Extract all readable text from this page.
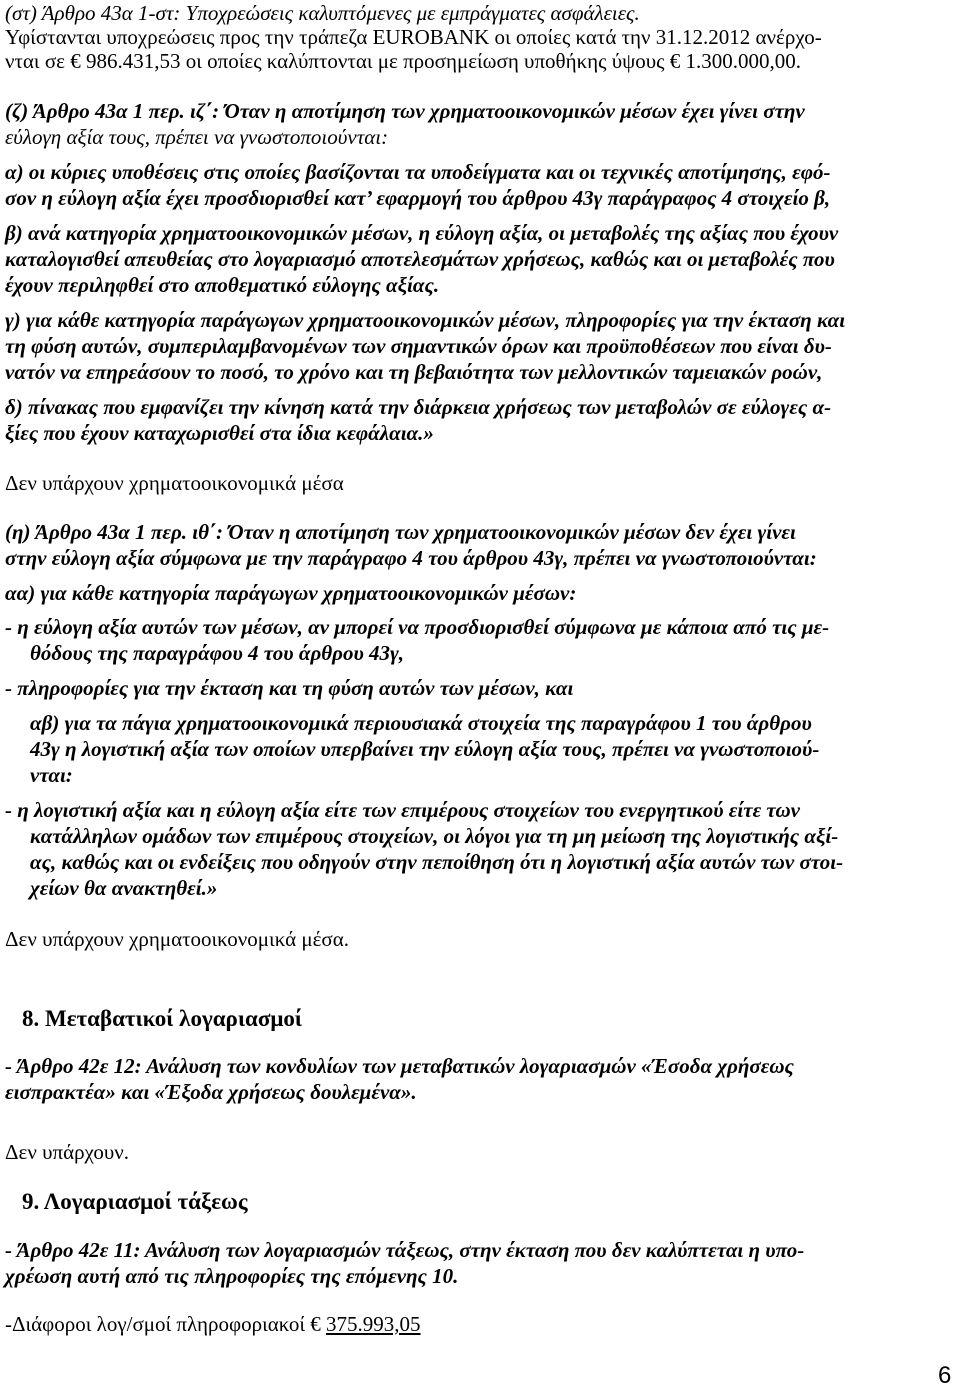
(στ) Άρθρο 43α 1-στ: Υποχρεώσεις καλυπτόμενες με εμπράγματες ασφάλειες.
Υφίστανται υποχρεώσεις προς την τράπεζα EUROBANK οι οποίες κατά την 31.12.2012 ανέρχο-
νται σε € 986.431,53 οι οποίες καλύπτονται με προσημείωση υποθήκης ύψους € 1.300.000,00.
(ζ) Άρθρο 43α 1 περ. ιζ΄: Όταν η αποτίμηση των χρηματοοικονομικών μέσων έχει γίνει στην
εύλογη αξία τους, πρέπει να γνωστοποιούνται:
α) οι κύριες υποθέσεις στις οποίες βασίζονται τα υποδείγματα και οι τεχνικές αποτίμησης, εφό-
σον η εύλογη αξία έχει προσδιορισθεί κατ’ εφαρμογή του άρθρου 43γ παράγραφος 4 στοιχείο β,
β) ανά κατηγορία χρηματοοικονομικών μέσων, η εύλογη αξία, οι μεταβολές της αξίας που έχουν
καταλογισθεί απευθείας στο λογαριασμό αποτελεσμάτων χρήσεως, καθώς και οι μεταβολές που
έχουν περιληφθεί στο αποθεματικό εύλογης αξίας.
γ) για κάθε κατηγορία παράγωγων χρηματοοικονομικών μέσων, πληροφορίες για την έκταση και
τη φύση αυτών, συμπεριλαμβανομένων των σημαντικών όρων και προϋποθέσεων που είναι δυ-
νατόν να επηρεάσουν το ποσό, το χρόνο και τη βεβαιότητα των μελλοντικών ταμειακών ροών,
δ) πίνακας που εμφανίζει την κίνηση κατά την διάρκεια χρήσεως των μεταβολών σε εύλογες α-
ξίες που έχουν καταχωρισθεί στα ίδια κεφάλαια.»
Δεν υπάρχουν χρηματοοικονομικά μέσα
(η) Άρθρο 43α 1 περ. ιθ΄: Όταν η αποτίμηση των χρηματοοικονομικών μέσων δεν έχει γίνει
στην εύλογη αξία σύμφωνα με την παράγραφο 4 του άρθρου 43γ, πρέπει να γνωστοποιούνται:
αα) για κάθε κατηγορία παράγωγων χρηματοοικονομικών μέσων:
- η εύλογη αξία αυτών των μέσων, αν μπορεί να προσδιορισθεί σύμφωνα με κάποια από τις με-
θόδους της παραγράφου 4 του άρθρου 43γ,
- πληροφορίες για την έκταση και τη φύση αυτών των μέσων, και
αβ) για τα πάγια χρηματοοικονομικά περιουσιακά στοιχεία της παραγράφου 1 του άρθρου
43γ η λογιστική αξία των οποίων υπερβαίνει την εύλογη αξία τους, πρέπει να γνωστοποιού-
νται:
- η λογιστική αξία και η εύλογη αξία είτε των επιμέρους στοιχείων του ενεργητικού είτε των
κατάλληλων ομάδων των επιμέρους στοιχείων, οι λόγοι για τη μη μείωση της λογιστικής αξί-
ας, καθώς και οι ενδείξεις που οδηγούν στην πεποίθηση ότι η λογιστική αξία αυτών των στοι-
χείων θα ανακτηθεί.»
Δεν υπάρχουν χρηματοοικονομικά μέσα.
8. Μεταβατικοί λογαριασμοί
- Άρθρο 42ε 12: Ανάλυση των κονδυλίων των μεταβατικών λογαριασμών «Έσοδα χρήσεως
εισπρακτέα» και «Έξοδα χρήσεως δουλεμένα».
Δεν υπάρχουν.
9. Λογαριασμοί τάξεως
- Άρθρο 42ε 11: Ανάλυση των λογαριασμών τάξεως, στην έκταση που δεν καλύπτεται η υπο-
χρέωση αυτή από τις πληροφορίες της επόμενης 10.
-Διάφοροι λογ/σμοί πληροφοριακοί € 375.993,05
6
